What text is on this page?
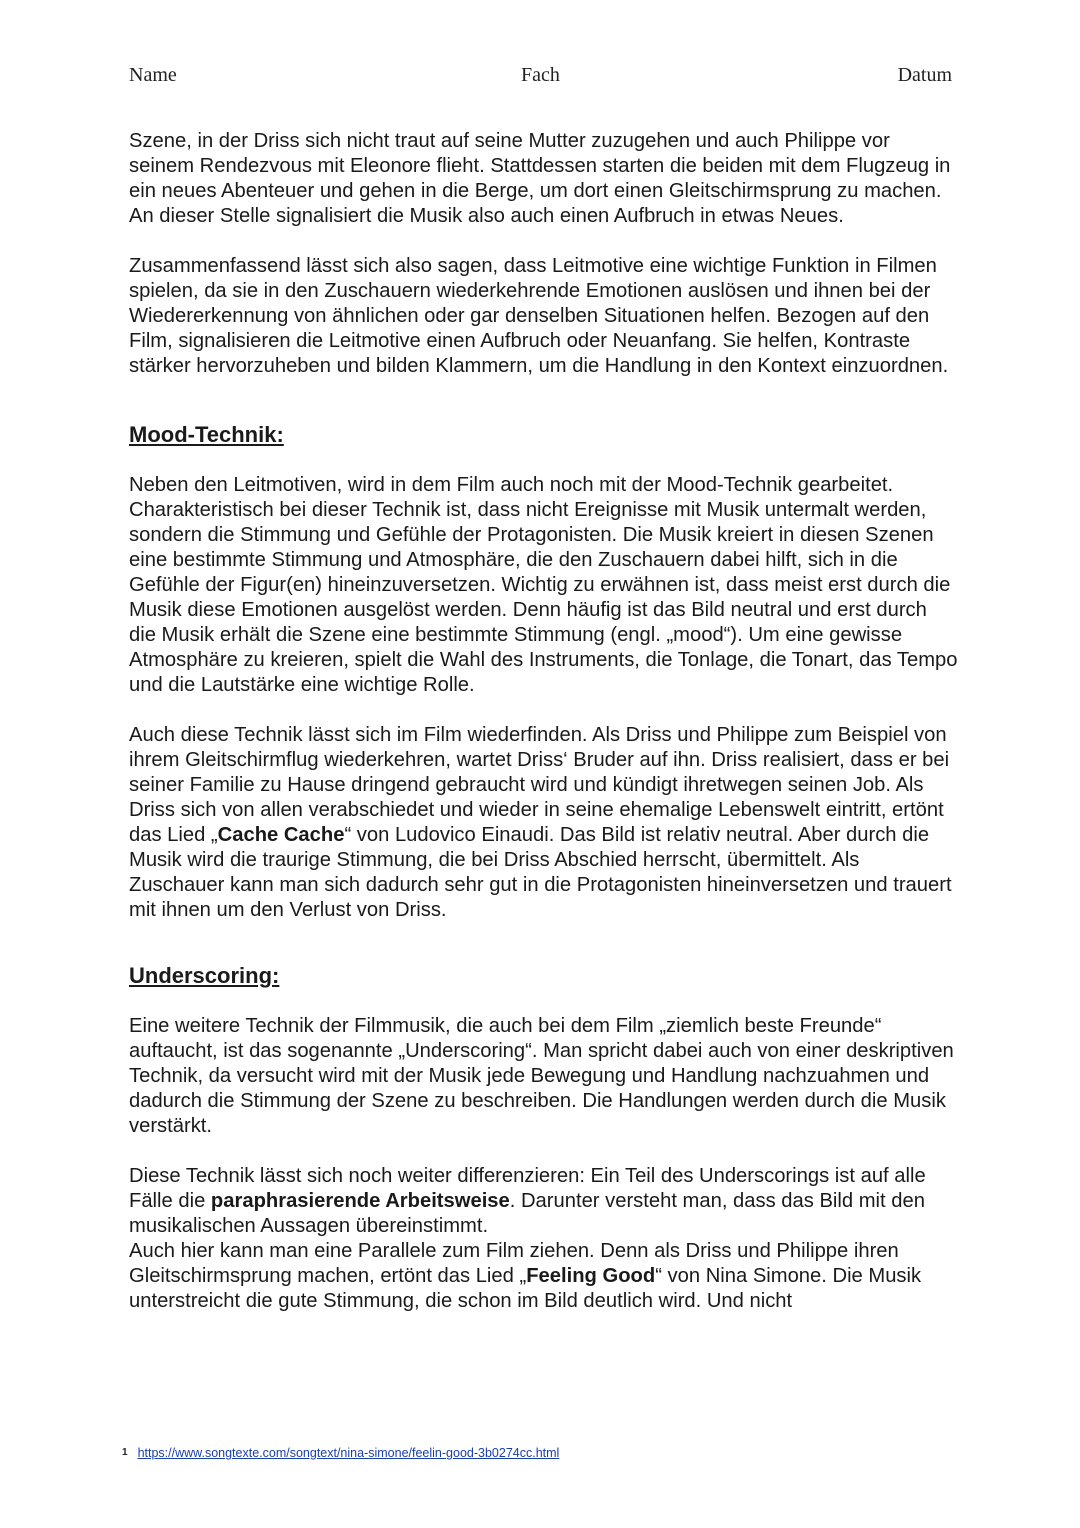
Name	Fach	Datum

Szene, in der Driss sich nicht traut auf seine Mutter zuzugehen und auch Philippe vor seinem Rendezvous mit Eleonore flieht. Stattdessen starten die beiden mit dem Flugzeug in ein neues Abenteuer und gehen in die Berge, um dort einen Gleitschirmsprung zu machen. An dieser Stelle signalisiert die Musik also auch einen Aufbruch in etwas Neues.

Zusammenfassend lässt sich also sagen, dass Leitmotive eine wichtige Funktion in Filmen spielen, da sie in den Zuschauern wiederkehrende Emotionen auslösen und ihnen bei der Wiedererkennung von ähnlichen oder gar denselben Situationen helfen. Bezogen auf den Film, signalisieren die Leitmotive einen Aufbruch oder Neuanfang. Sie helfen, Kontraste stärker hervorzuheben und bilden Klammern, um die Handlung in den Kontext einzuordnen.

Mood-Technik:

Neben den Leitmotiven, wird in dem Film auch noch mit der Mood-Technik gearbeitet. Charakteristisch bei dieser Technik ist, dass nicht Ereignisse mit Musik untermalt werden, sondern die Stimmung und Gefühle der Protagonisten. Die Musik kreiert in diesen Szenen eine bestimmte Stimmung und Atmosphäre, die den Zuschauern dabei hilft, sich in die Gefühle der Figur(en) hineinzuversetzen. Wichtig zu erwähnen ist, dass meist erst durch die Musik diese Emotionen ausgelöst werden. Denn häufig ist das Bild neutral und erst durch die Musik erhält die Szene eine bestimmte Stimmung (engl. „mood“). Um eine gewisse Atmosphäre zu kreieren, spielt die Wahl des Instruments, die Tonlage, die Tonart, das Tempo und die Lautstärke eine wichtige Rolle.

Auch diese Technik lässt sich im Film wiederfinden. Als Driss und Philippe zum Beispiel von ihrem Gleitschirmflug wiederkehren, wartet Driss‘ Bruder auf ihn. Driss realisiert, dass er bei seiner Familie zu Hause dringend gebraucht wird und kündigt ihretwegen seinen Job. Als Driss sich von allen verabschiedet und wieder in seine ehemalige Lebenswelt eintritt, ertönt das Lied „Cache Cache“ von Ludovico Einaudi. Das Bild ist relativ neutral. Aber durch die Musik wird die traurige Stimmung, die bei Driss Abschied herrscht, übermittelt. Als Zuschauer kann man sich dadurch sehr gut in die Protagonisten hineinversetzen und trauert mit ihnen um den Verlust von Driss.

Underscoring:

Eine weitere Technik der Filmmusik, die auch bei dem Film „ziemlich beste Freunde“ auftaucht, ist das sogenannte „Underscoring“. Man spricht dabei auch von einer deskriptiven Technik, da versucht wird mit der Musik jede Bewegung und Handlung nachzuahmen und dadurch die Stimmung der Szene zu beschreiben. Die Handlungen werden durch die Musik verstärkt.

Diese Technik lässt sich noch weiter differenzieren: Ein Teil des Underscorings ist auf alle Fälle die paraphrasierende Arbeitsweise. Darunter versteht man, dass das Bild mit den musikalischen Aussagen übereinstimmt.

Auch hier kann man eine Parallele zum Film ziehen. Denn als Driss und Philippe ihren Gleitschirmsprung machen, ertönt das Lied „Feeling Good“ von Nina Simone. Die Musik unterstreicht die gute Stimmung, die schon im Bild deutlich wird. Und nicht

$^1$ https://www.songtexte.com/songtext/nina-simone/feelin-good-3b0274cc.html
